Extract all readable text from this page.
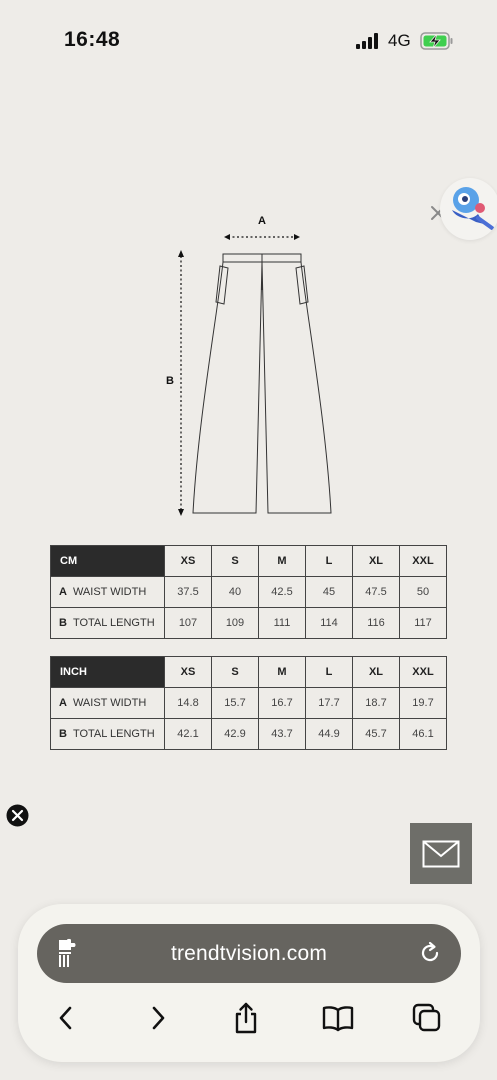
16:48	4G
A
B
CM	XS	S	M	L	XL	XXL
A WAIST WIDTH	37.5	40	42.5	45	47.5	50
B TOTAL LENGTH	107	109	111	114	116	117
INCH	XS	S	M	L	XL	XXL
A WAIST WIDTH	14.8	15.7	16.7	17.7	18.7	19.7
B TOTAL LENGTH	42.1	42.9	43.7	44.9	45.7	46.1
trendtvision.com
